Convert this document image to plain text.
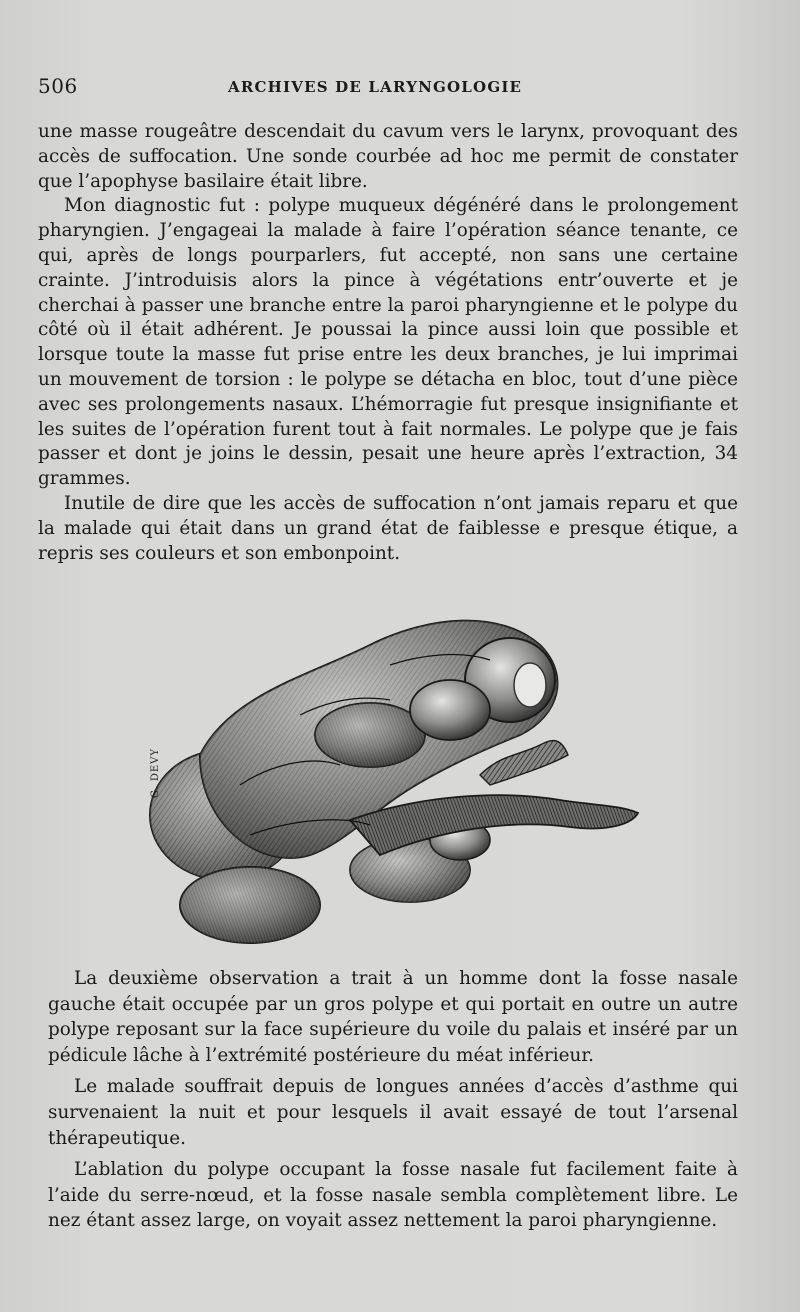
506	ARCHIVES DE LARYNGOLOGIE

une masse rougeâtre descendait du cavum vers le larynx, provoquant des accès de suffocation. Une sonde courbée ad hoc me permit de constater que l’apophyse basilaire était libre.

Mon diagnostic fut : polype muqueux dégénéré dans le prolongement pharyngien. J’engageai la malade à faire l’opération séance tenante, ce qui, après de longs pourparlers, fut accepté, non sans une certaine crainte. J’introduisis alors la pince à végétations entr’ouverte et je cherchai à passer une branche entre la paroi pharyngienne et le polype du côté où il était adhérent. Je poussai la pince aussi loin que possible et lorsque toute la masse fut prise entre les deux branches, je lui imprimai un mouvement de torsion : le polype se détacha en bloc, tout d’une pièce avec ses prolongements nasaux. L’hémorragie fut presque insignifiante et les suites de l’opération furent tout à fait normales. Le polype que je fais passer et dont je joins le dessin, pesait une heure après l’extraction, 34 grammes.

Inutile de dire que les accès de suffocation n’ont jamais reparu et que la malade qui était dans un grand état de faiblesse e presque étique, a repris ses couleurs et son embonpoint.

G. DEVY

La deuxième observation a trait à un homme dont la fosse nasale gauche était occupée par un gros polype et qui portait en outre un autre polype reposant sur la face supérieure du voile du palais et inséré par un pédicule lâche à l’extrémité postérieure du méat inférieur.

Le malade souffrait depuis de longues années d’accès d’asthme qui survenaient la nuit et pour lesquels il avait essayé de tout l’arsenal thérapeutique.

L’ablation du polype occupant la fosse nasale fut facilement faite à l’aide du serre-nœud, et la fosse nasale sembla complètement libre. Le nez étant assez large, on voyait assez nettement la paroi pharyngienne.
